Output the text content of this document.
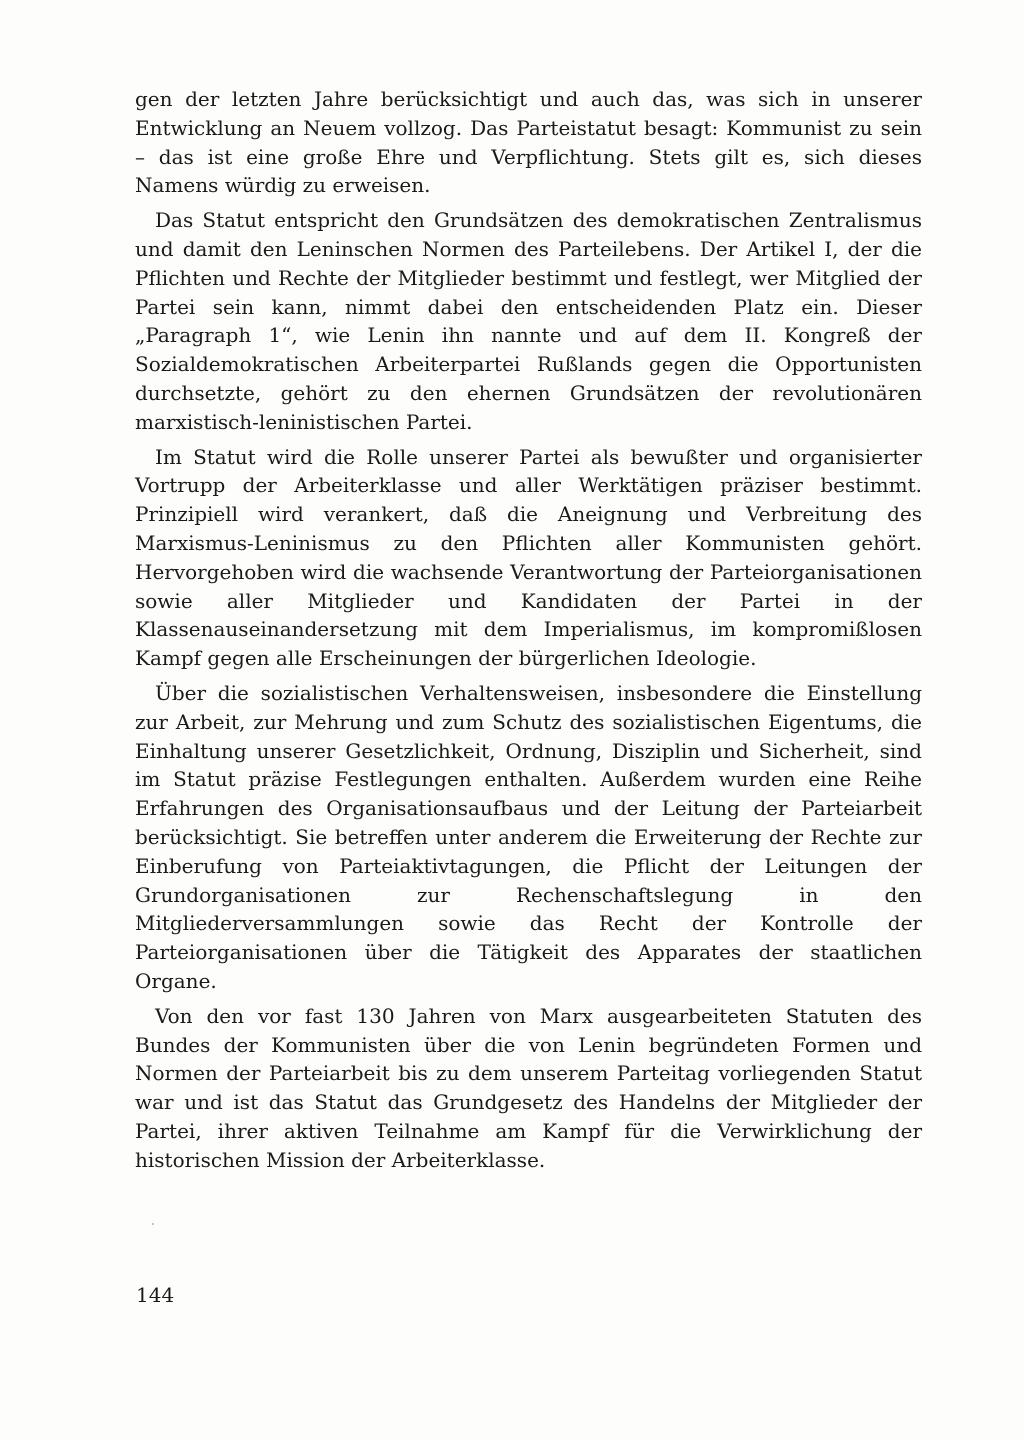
gen der letzten Jahre berücksichtigt und auch das, was sich in unserer Entwicklung an Neuem vollzog. Das Parteistatut besagt: Kommunist zu sein – das ist eine große Ehre und Verpflichtung. Stets gilt es, sich dieses Namens würdig zu erweisen.

Das Statut entspricht den Grundsätzen des demokratischen Zentralismus und damit den Leninschen Normen des Parteilebens. Der Artikel I, der die Pflichten und Rechte der Mitglieder bestimmt und festlegt, wer Mitglied der Partei sein kann, nimmt dabei den entscheidenden Platz ein. Dieser „Paragraph 1“, wie Lenin ihn nannte und auf dem II. Kongreß der Sozialdemokratischen Arbeiterpartei Rußlands gegen die Opportunisten durchsetzte, gehört zu den ehernen Grundsätzen der revolutionären marxistisch-leninistischen Partei.

Im Statut wird die Rolle unserer Partei als bewußter und organisierter Vortrupp der Arbeiterklasse und aller Werktätigen präziser bestimmt. Prinzipiell wird verankert, daß die Aneignung und Verbreitung des Marxismus-Leninismus zu den Pflichten aller Kommunisten gehört. Hervorgehoben wird die wachsende Verantwortung der Parteiorganisationen sowie aller Mitglieder und Kandidaten der Partei in der Klassenauseinandersetzung mit dem Imperialismus, im kompromißlosen Kampf gegen alle Erscheinungen der bürgerlichen Ideologie.

Über die sozialistischen Verhaltensweisen, insbesondere die Einstellung zur Arbeit, zur Mehrung und zum Schutz des sozialistischen Eigentums, die Einhaltung unserer Gesetzlichkeit, Ordnung, Disziplin und Sicherheit, sind im Statut präzise Festlegungen enthalten. Außerdem wurden eine Reihe Erfahrungen des Organisationsaufbaus und der Leitung der Parteiarbeit berücksichtigt. Sie betreffen unter anderem die Erweiterung der Rechte zur Einberufung von Parteiaktivtagungen, die Pflicht der Leitungen der Grundorganisationen zur Rechenschaftslegung in den Mitgliederversammlungen sowie das Recht der Kontrolle der Parteiorganisationen über die Tätigkeit des Apparates der staatlichen Organe.

Von den vor fast 130 Jahren von Marx ausgearbeiteten Statuten des Bundes der Kommunisten über die von Lenin begründeten Formen und Normen der Parteiarbeit bis zu dem unserem Parteitag vorliegenden Statut war und ist das Statut das Grundgesetz des Handelns der Mitglieder der Partei, ihrer aktiven Teilnahme am Kampf für die Verwirklichung der historischen Mission der Arbeiterklasse.

144
